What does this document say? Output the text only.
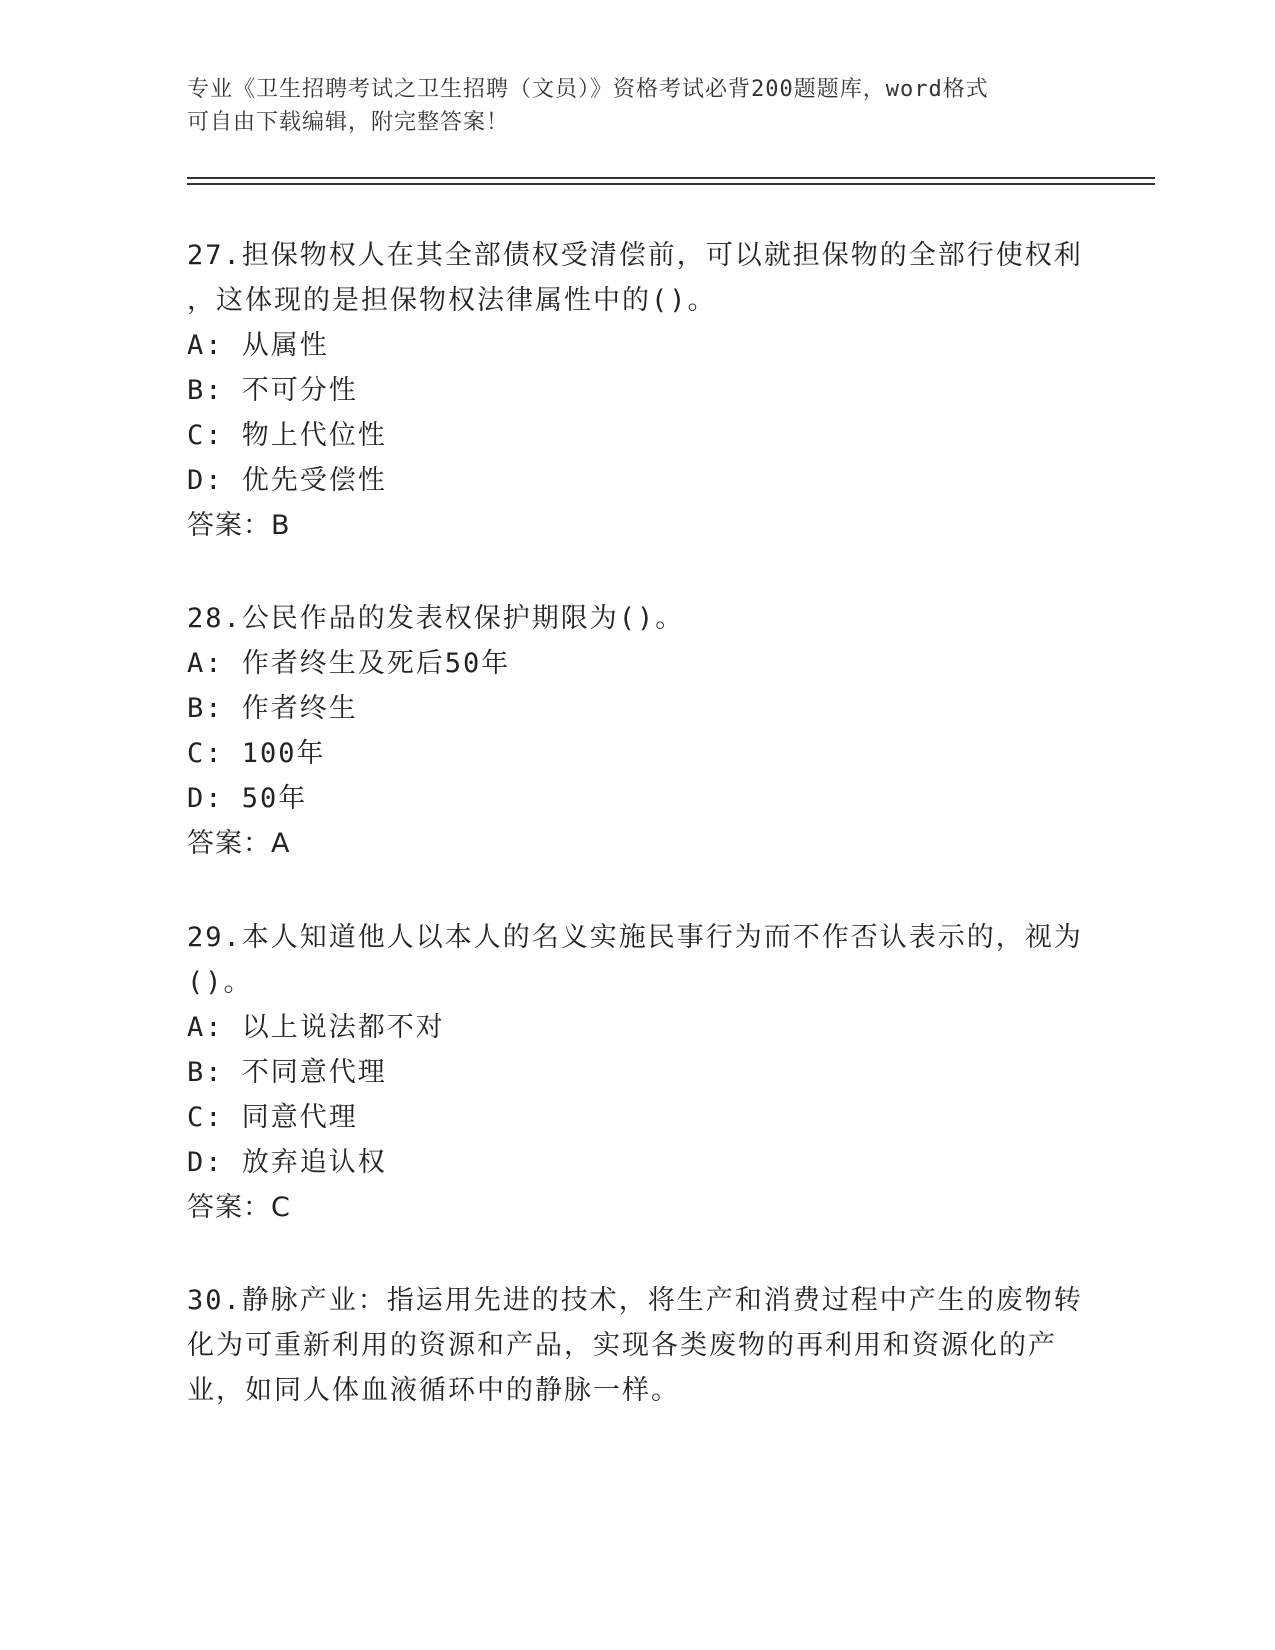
专业《卫生招聘考试之卫生招聘（文员）》资格考试必背200题题库，word格式
可自由下载编辑，附完整答案！
27.担保物权人在其全部债权受清偿前，可以就担保物的全部行使权利
，这体现的是担保物权法律属性中的()。
A: 从属性
B: 不可分性
C: 物上代位性
D: 优先受偿性
答案：B
28.公民作品的发表权保护期限为()。
A: 作者终生及死后50年
B: 作者终生
C: 100年
D: 50年
答案：A
29.本人知道他人以本人的名义实施民事行为而不作否认表示的，视为
()。
A: 以上说法都不对
B: 不同意代理
C: 同意代理
D: 放弃追认权
答案：C
30.静脉产业：指运用先进的技术，将生产和消费过程中产生的废物转
化为可重新利用的资源和产品，实现各类废物的再利用和资源化的产
业，如同人体血液循环中的静脉一样。
